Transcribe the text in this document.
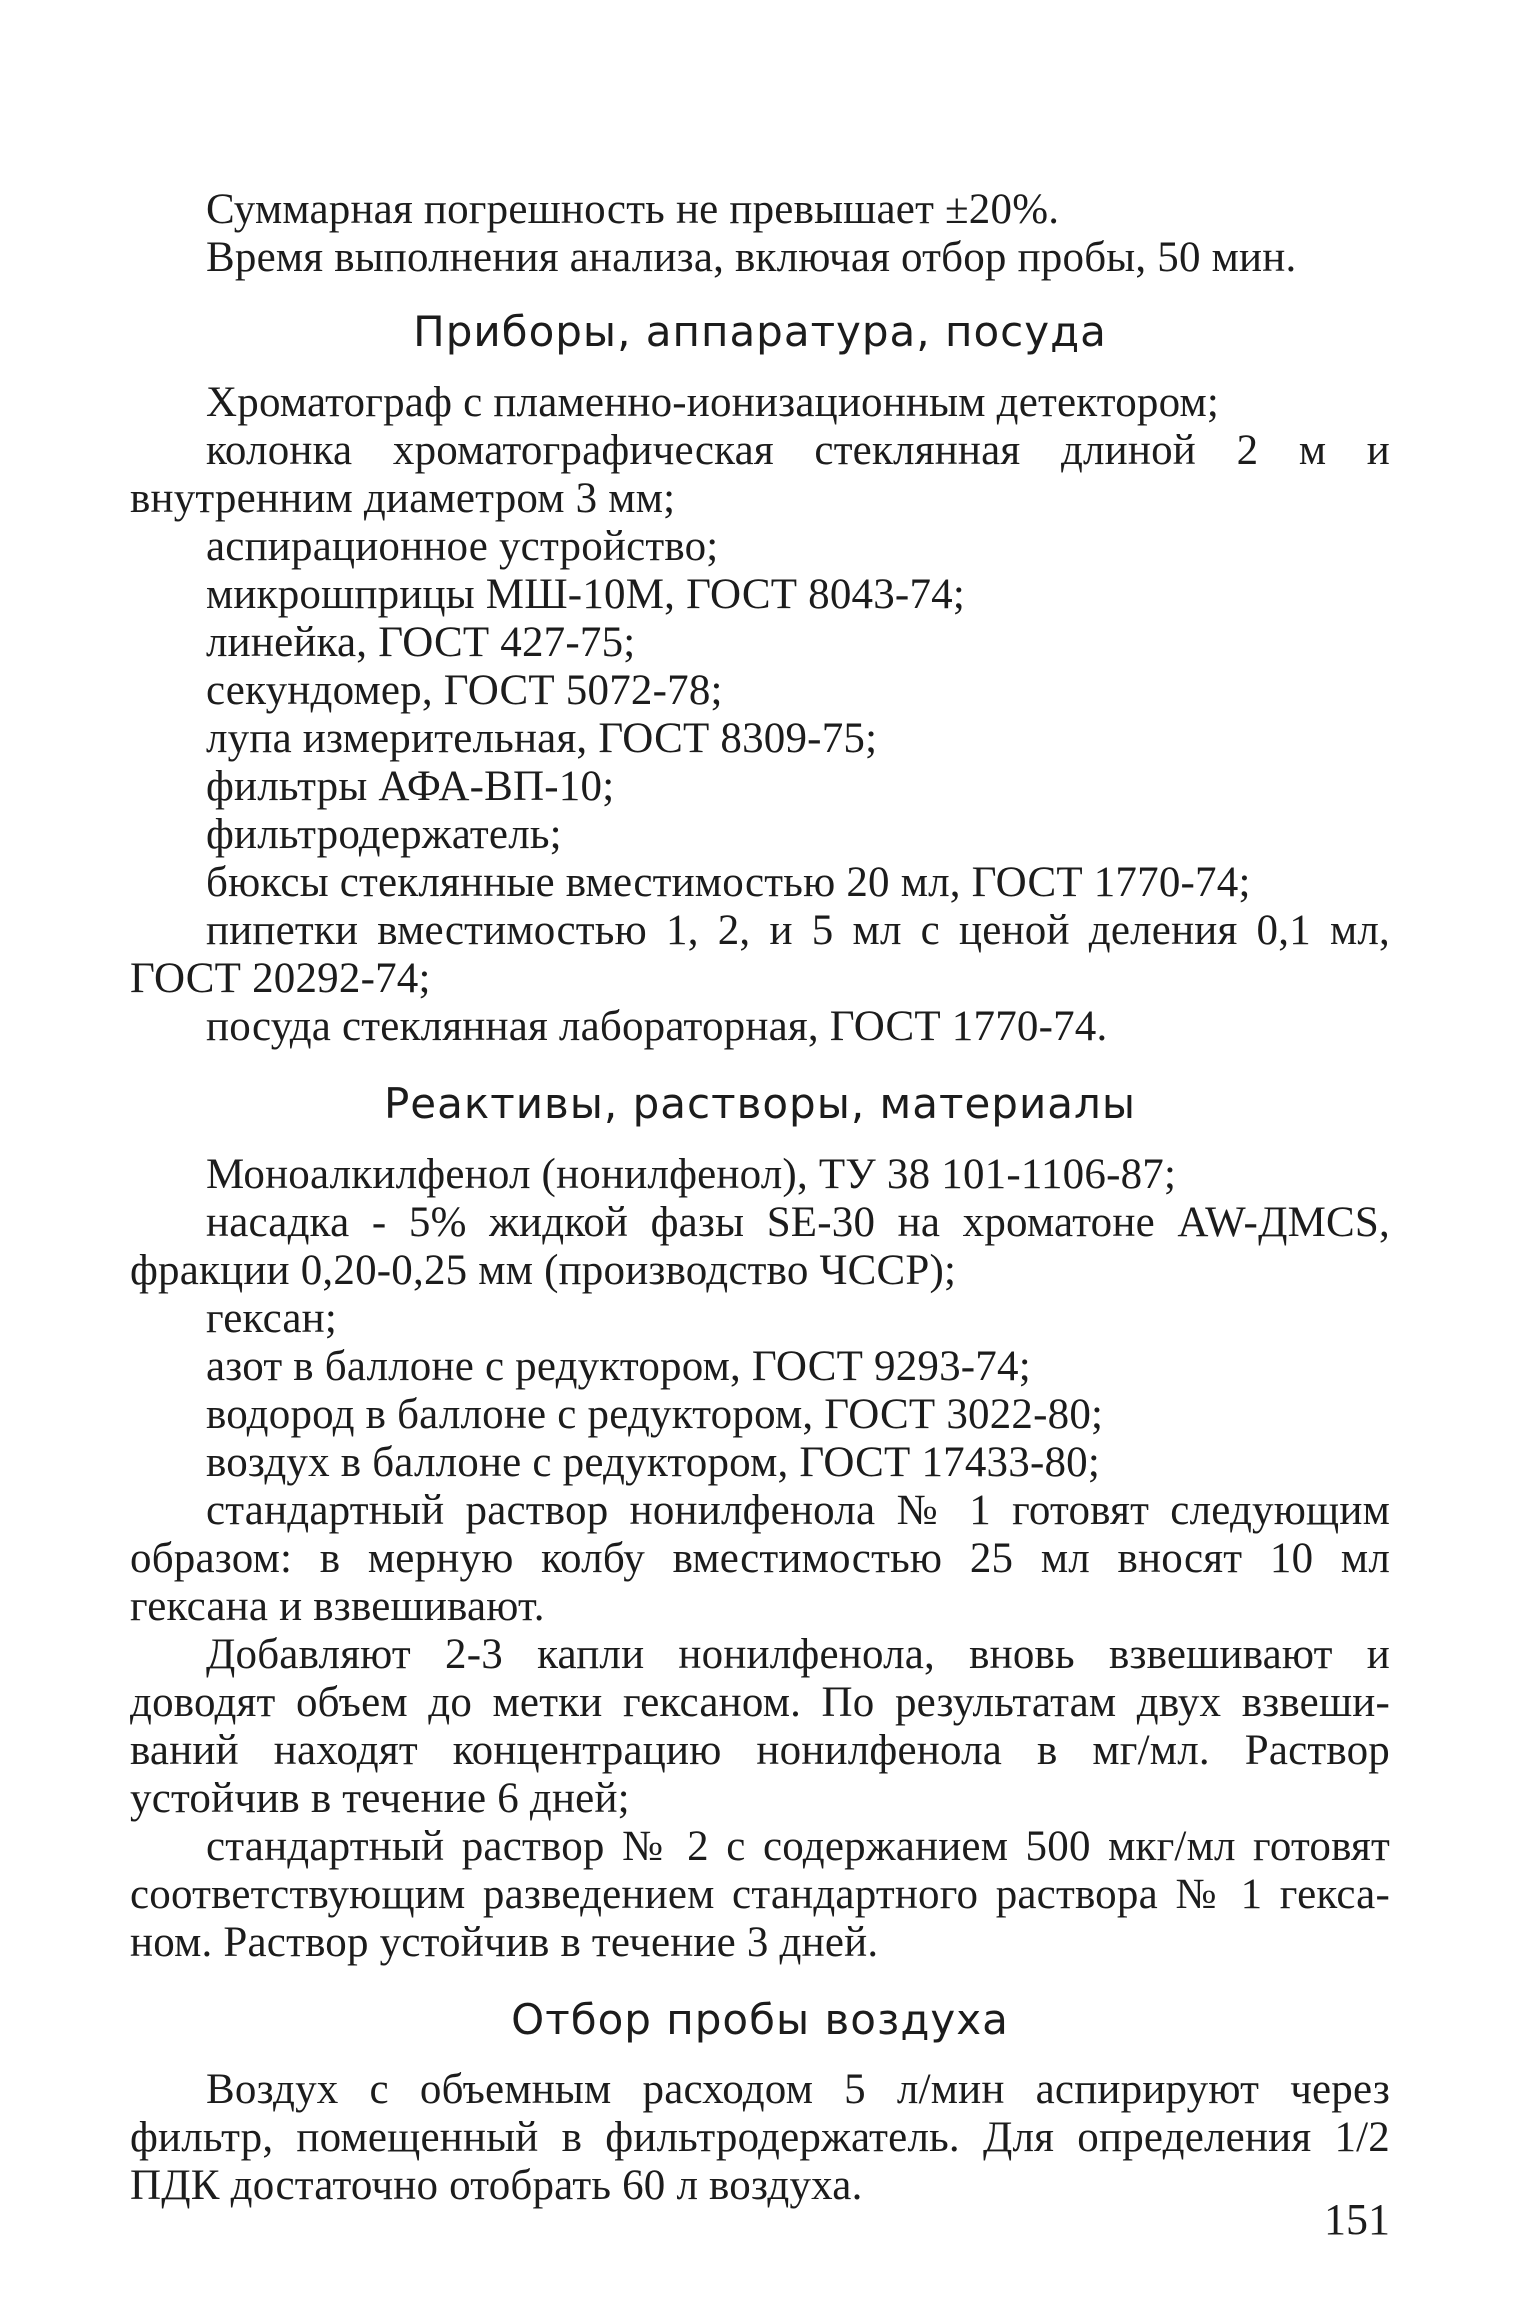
Суммарная погрешность не превышает ±20%.
Время выполнения анализа, включая отбор пробы, 50 мин.
Приборы, аппаратура, посуда
Хроматограф с пламенно-ионизационным детектором;
колонка хроматографическая стеклянная длиной 2 м и
внутренним диаметром 3 мм;
аспирационное устройство;
микрошприцы МШ-10М, ГОСТ 8043-74;
линейка, ГОСТ 427-75;
секундомер, ГОСТ 5072-78;
лупа измерительная, ГОСТ 8309-75;
фильтры АФА-ВП-10;
фильтродержатель;
бюксы стеклянные вместимостью 20 мл, ГОСТ 1770-74;
пипетки вместимостью 1, 2, и 5 мл с ценой деления 0,1 мл,
ГОСТ 20292-74;
посуда стеклянная лабораторная, ГОСТ 1770-74.
Реактивы, растворы, материалы
Моноалкилфенол (нонилфенол), ТУ 38 101-1106-87;
насадка - 5% жидкой фазы SE-30 на хроматоне AW-ДМCS,
фракции 0,20-0,25 мм (производство ЧССР);
гексан;
азот в баллоне с редуктором, ГОСТ 9293-74;
водород в баллоне с редуктором, ГОСТ 3022-80;
воздух в баллоне с редуктором, ГОСТ 17433-80;
стандартный раствор нонилфенола № 1 готовят следующим
образом: в мерную колбу вместимостью 25 мл вносят 10 мл
гексана и взвешивают.
Добавляют 2-3 капли нонилфенола, вновь взвешивают и
доводят объем до метки гексаном. По результатам двух взвеши-
ваний находят концентрацию нонилфенола в мг/мл. Раствор
устойчив в течение 6 дней;
стандартный раствор № 2 с содержанием 500 мкг/мл готовят
соответствующим разведением стандартного раствора № 1 гекса-
ном. Раствор устойчив в течение 3 дней.
Отбор пробы воздуха
Воздух с объемным расходом 5 л/мин аспирируют через
фильтр, помещенный в фильтродержатель. Для определения 1/2
ПДК достаточно отобрать 60 л воздуха.
151
